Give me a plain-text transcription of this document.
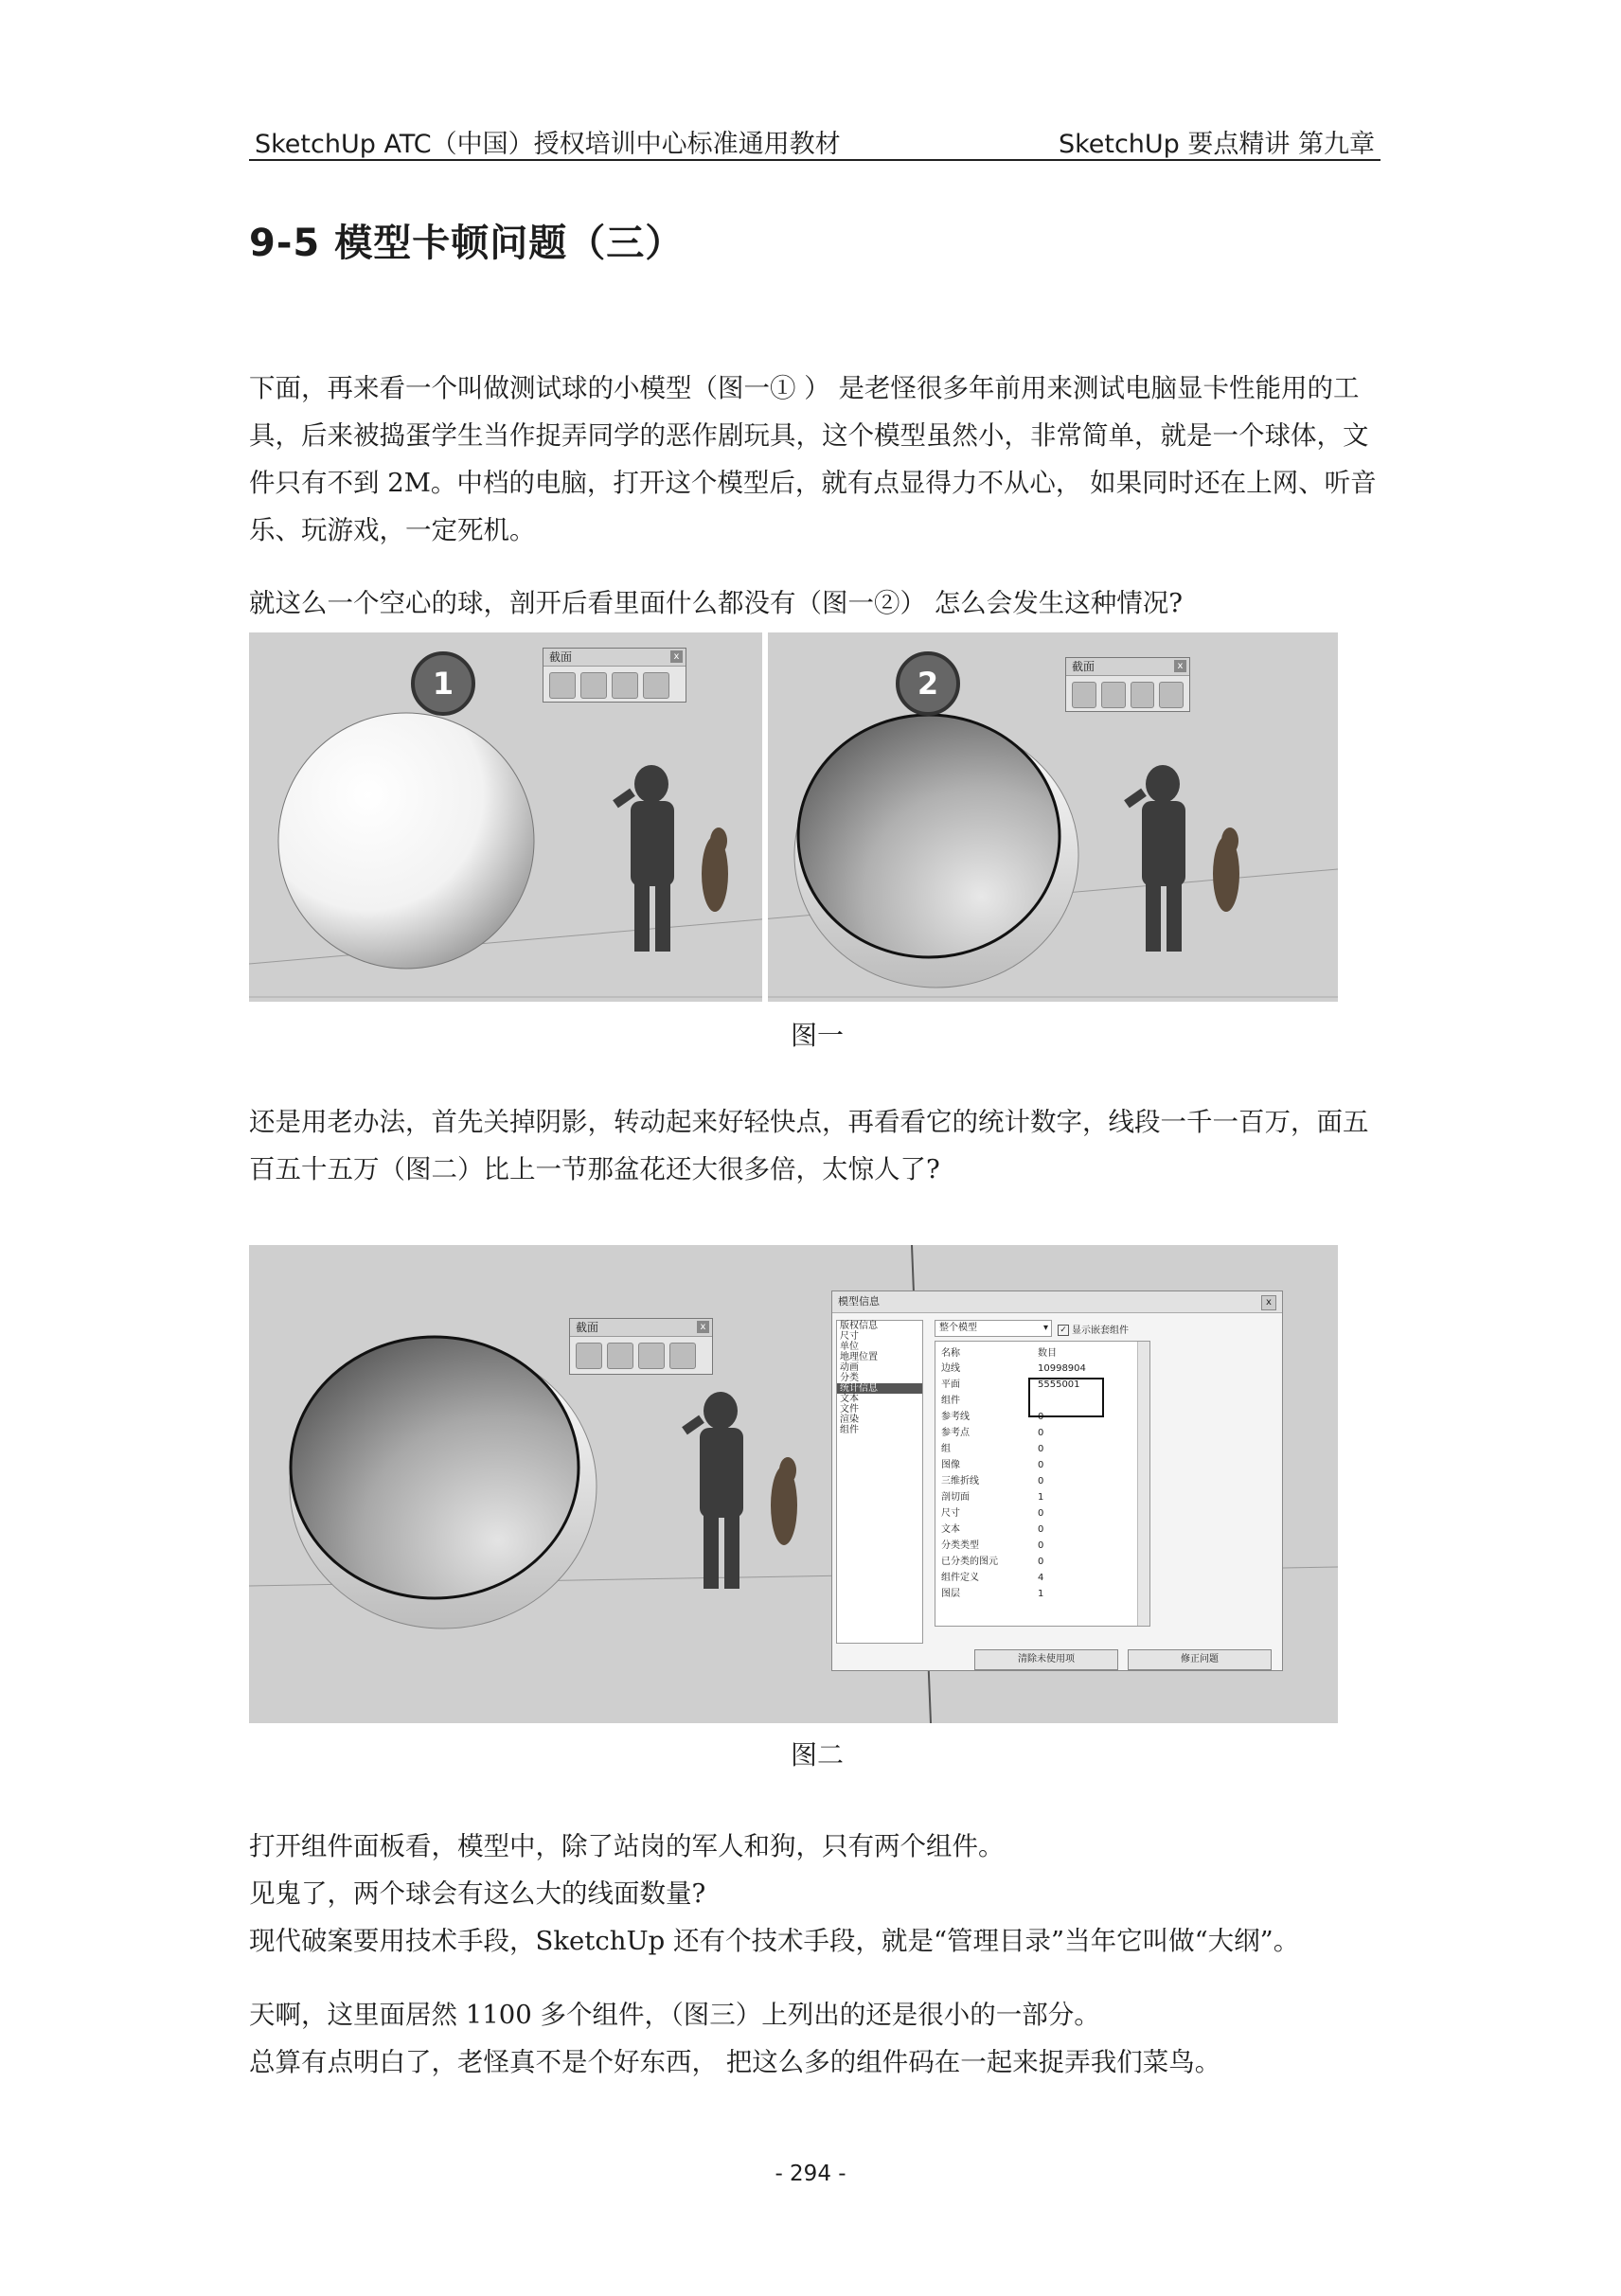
SketchUp ATC（中国）授权培训中心标准通用教材	SketchUp 要点精讲 第九章
9-5 模型卡顿问题（三）

下面，再来看一个叫做测试球的小模型（图一① ） 是老怪很多年前用来测试电脑显卡性能用的工具，后来被捣蛋学生当作捉弄同学的恶作剧玩具，这个模型虽然小，非常简单，就是一个球体，文件只有不到 2M。中档的电脑，打开这个模型后，就有点显得力不从心， 如果同时还在上网、听音乐、玩游戏，一定死机。

就这么一个空心的球，剖开后看里面什么都没有（图一②） 怎么会发生这种情况?

1	2
截面	x
截面	x
图一

还是用老办法，首先关掉阴影，转动起来好轻快点，再看看它的统计数字，线段一千一百万，面五百五十五万（图二）比上一节那盆花还大很多倍，太惊人了?

截面	x
模型信息	x
版权信息
尺寸
单位
地理位置
动画
分类
统计信息
文本
文件
渲染
组件
整个模型	▾ ✓ 显示嵌套组件
名称	数目
边线	10998904
平面	5555001
组件
参考线	0
参考点	0
组	0
图像	0
三维折线	0
剖切面	1
尺寸	0
文本	0
分类类型	0
已分类的图元	0
组件定义	4
图层	1
清除未使用项	修正问题
图二

打开组件面板看，模型中，除了站岗的军人和狗，只有两个组件。

见鬼了，两个球会有这么大的线面数量?

现代破案要用技术手段，SketchUp 还有个技术手段，就是“管理目录”当年它叫做“大纲”。

天啊，这里面居然 1100 多个组件，（图三）上列出的还是很小的一部分。

总算有点明白了，老怪真不是个好东西， 把这么多的组件码在一起来捉弄我们菜鸟。

- 294 -
